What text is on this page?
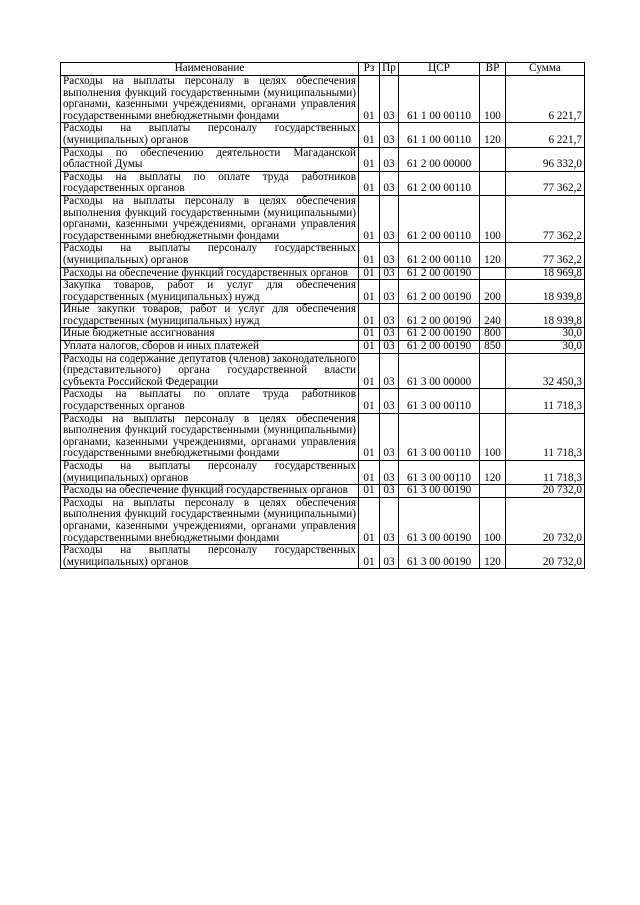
Наименование	Рз	Пр	ЦСР	ВР	Сумма
Расходы на выплаты персоналу в целях обеспечения выполнения функций государственными (муниципальными) органами, казенными учреждениями, органами управления государственными внебюджетными фондами	01	03	61 1 00 00110	100	6 221,7
Расходы на выплаты персоналу государственных (муниципальных) органов	01	03	61 1 00 00110	120	6 221,7
Расходы по обеспечению деятельности Магаданской областной Думы	01	03	61 2 00 00000		96 332,0
Расходы на выплаты по оплате труда работников государственных органов	01	03	61 2 00 00110		77 362,2
Расходы на выплаты персоналу в целях обеспечения выполнения функций государственными (муниципальными) органами, казенными учреждениями, органами управления государственными внебюджетными фондами	01	03	61 2 00 00110	100	77 362,2
Расходы на выплаты персоналу государственных (муниципальных) органов	01	03	61 2 00 00110	120	77 362,2
Расходы на обеспечение функций государственных органов	01	03	61 2 00 00190		18 969,8
Закупка товаров, работ и услуг для обеспечения государственных (муниципальных) нужд	01	03	61 2 00 00190	200	18 939,8
Иные закупки товаров, работ и услуг для обеспечения государственных (муниципальных) нужд	01	03	61 2 00 00190	240	18 939,8
Иные бюджетные ассигнования	01	03	61 2 00 00190	800	30,0
Уплата налогов, сборов и иных платежей	01	03	61 2 00 00190	850	30,0
Расходы на содержание депутатов (членов) законодательного (представительного) органа государственной власти субъекта Российской Федерации	01	03	61 3 00 00000		32 450,3
Расходы на выплаты по оплате труда работников государственных органов	01	03	61 3 00 00110		11 718,3
Расходы на выплаты персоналу в целях обеспечения выполнения функций государственными (муниципальными) органами, казенными учреждениями, органами управления государственными внебюджетными фондами	01	03	61 3 00 00110	100	11 718,3
Расходы на выплаты персоналу государственных (муниципальных) органов	01	03	61 3 00 00110	120	11 718,3
Расходы на обеспечение функций государственных органов	01	03	61 3 00 00190		20 732,0
Расходы на выплаты персоналу в целях обеспечения выполнения функций государственными (муниципальными) органами, казенными учреждениями, органами управления государственными внебюджетными фондами	01	03	61 3 00 00190	100	20 732,0
Расходы на выплаты персоналу государственных (муниципальных) органов	01	03	61 3 00 00190	120	20 732,0
